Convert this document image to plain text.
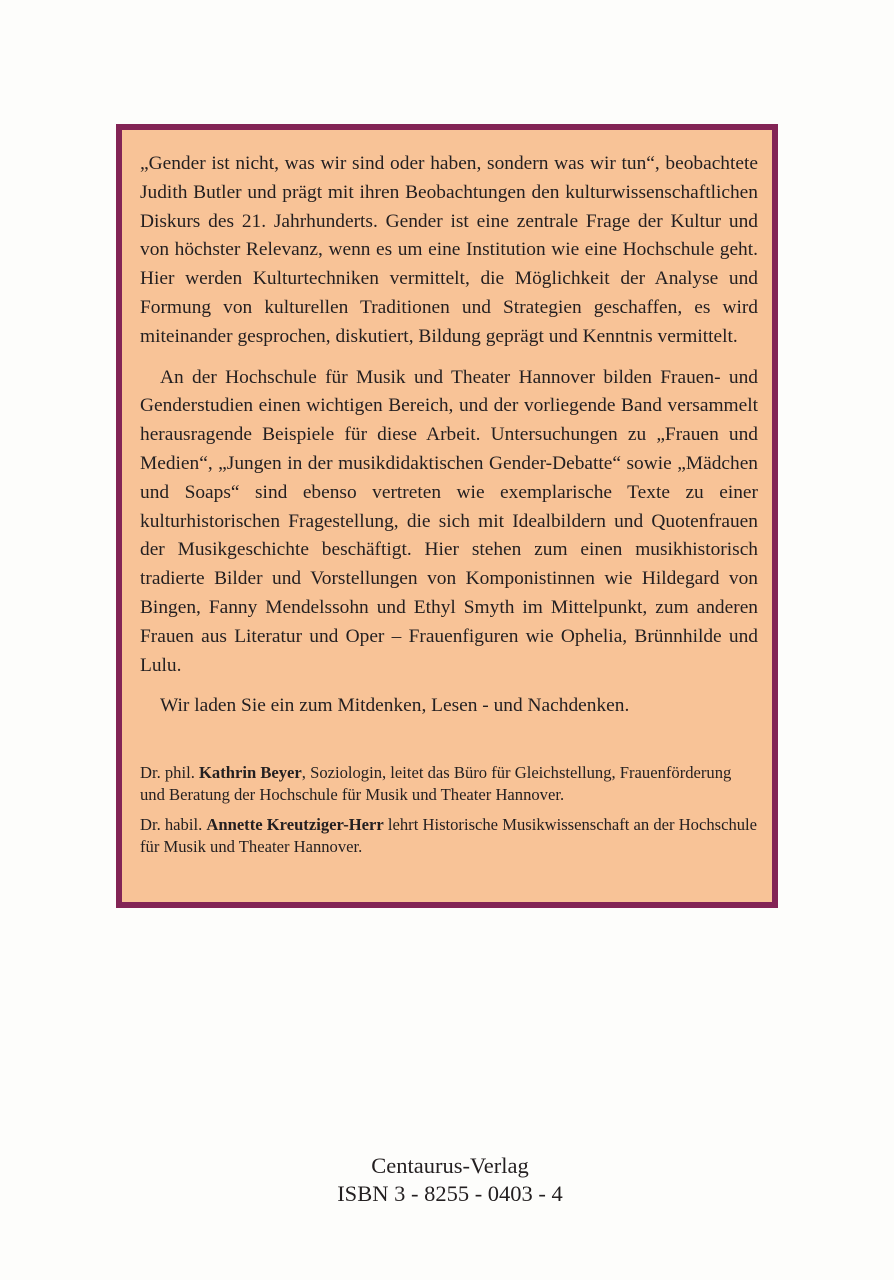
„Gender ist nicht, was wir sind oder haben, sondern was wir tun“, beobachtete Judith Butler und prägt mit ihren Beobachtungen den kulturwissenschaftlichen Diskurs des 21. Jahrhunderts. Gender ist eine zentrale Frage der Kultur und von höchster Relevanz, wenn es um eine Institution wie eine Hochschule geht. Hier werden Kulturtechniken vermittelt, die Möglichkeit der Analyse und Formung von kulturellen Traditionen und Strategien geschaffen, es wird miteinander gesprochen, diskutiert, Bildung geprägt und Kenntnis vermittelt.

An der Hochschule für Musik und Theater Hannover bilden Frauen- und Genderstudien einen wichtigen Bereich, und der vorliegende Band versammelt herausragende Beispiele für diese Arbeit. Untersuchungen zu „Frauen und Medien“, „Jungen in der musikdidaktischen Gender-Debatte“ sowie „Mädchen und Soaps“ sind ebenso vertreten wie exemplarische Texte zu einer kulturhistorischen Fragestellung, die sich mit Idealbildern und Quotenfrauen der Musikgeschichte beschäftigt. Hier stehen zum einen musikhistorisch tradierte Bilder und Vorstellungen von Komponistinnen wie Hildegard von Bingen, Fanny Mendelssohn und Ethyl Smyth im Mittelpunkt, zum anderen Frauen aus Literatur und Oper – Frauenfiguren wie Ophelia, Brünnhilde und Lulu.

Wir laden Sie ein zum Mitdenken, Lesen - und Nachdenken.

Dr. phil. Kathrin Beyer, Soziologin, leitet das Büro für Gleichstellung, Frauenförderung und Beratung der Hochschule für Musik und Theater Hannover.

Dr. habil. Annette Kreutziger-Herr lehrt Historische Musikwissenschaft an der Hochschule für Musik und Theater Hannover.

Centaurus-Verlag
ISBN 3 - 8255 - 0403 - 4
